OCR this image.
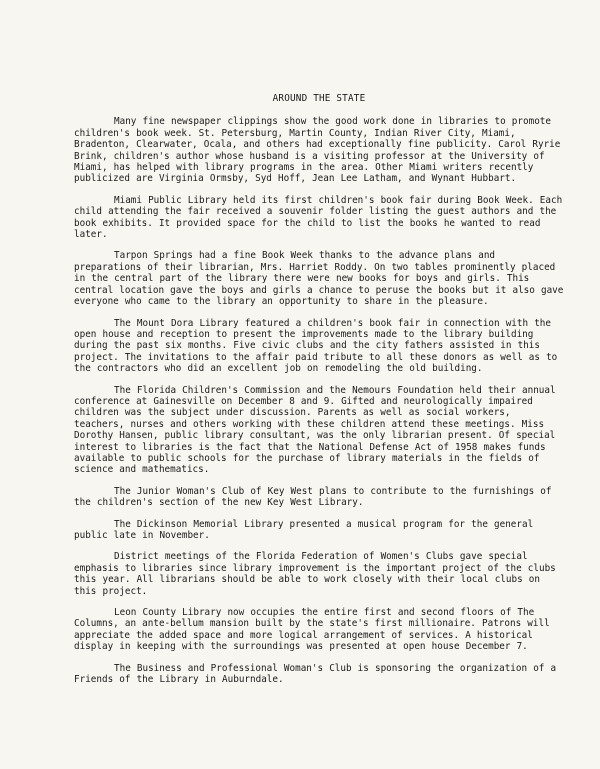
AROUND THE STATE

Many fine newspaper clippings show the good work done in libraries to promote children's book week. St. Petersburg, Martin County, Indian River City, Miami, Bradenton, Clearwater, Ocala, and others had exceptionally fine publicity. Carol Ryrie Brink, children's author whose husband is a visiting professor at the University of Miami, has helped with library programs in the area. Other Miami writers recently publicized are Virginia Ormsby, Syd Hoff, Jean Lee Latham, and Wynant Hubbart.

Miami Public Library held its first children's book fair during Book Week. Each child attending the fair received a souvenir folder listing the guest authors and the book exhibits. It provided space for the child to list the books he wanted to read later.

Tarpon Springs had a fine Book Week thanks to the advance plans and preparations of their librarian, Mrs. Harriet Roddy. On two tables prominently placed in the central part of the library there were new books for boys and girls. This central location gave the boys and girls a chance to peruse the books but it also gave everyone who came to the library an opportunity to share in the pleasure.

The Mount Dora Library featured a children's book fair in connection with the open house and reception to present the improvements made to the library building during the past six months. Five civic clubs and the city fathers assisted in this project. The invitations to the affair paid tribute to all these donors as well as to the contractors who did an excellent job on remodeling the old building.

The Florida Children's Commission and the Nemours Foundation held their annual conference at Gainesville on December 8 and 9. Gifted and neurologically impaired children was the subject under discussion. Parents as well as social workers, teachers, nurses and others working with these children attend these meetings. Miss Dorothy Hansen, public library consultant, was the only librarian present. Of special interest to libraries is the fact that the National Defense Act of 1958 makes funds available to public schools for the purchase of library materials in the fields of science and mathematics.

The Junior Woman's Club of Key West plans to contribute to the furnishings of the children's section of the new Key West Library.

The Dickinson Memorial Library presented a musical program for the general public late in November.

District meetings of the Florida Federation of Women's Clubs gave special emphasis to libraries since library improvement is the important project of the clubs this year. All librarians should be able to work closely with their local clubs on this project.

Leon County Library now occupies the entire first and second floors of The Columns, an ante-bellum mansion built by the state's first millionaire. Patrons will appreciate the added space and more logical arrangement of services. A historical display in keeping with the surroundings was presented at open house December 7.

The Business and Professional Woman's Club is sponsoring the organization of a Friends of the Library in Auburndale.
